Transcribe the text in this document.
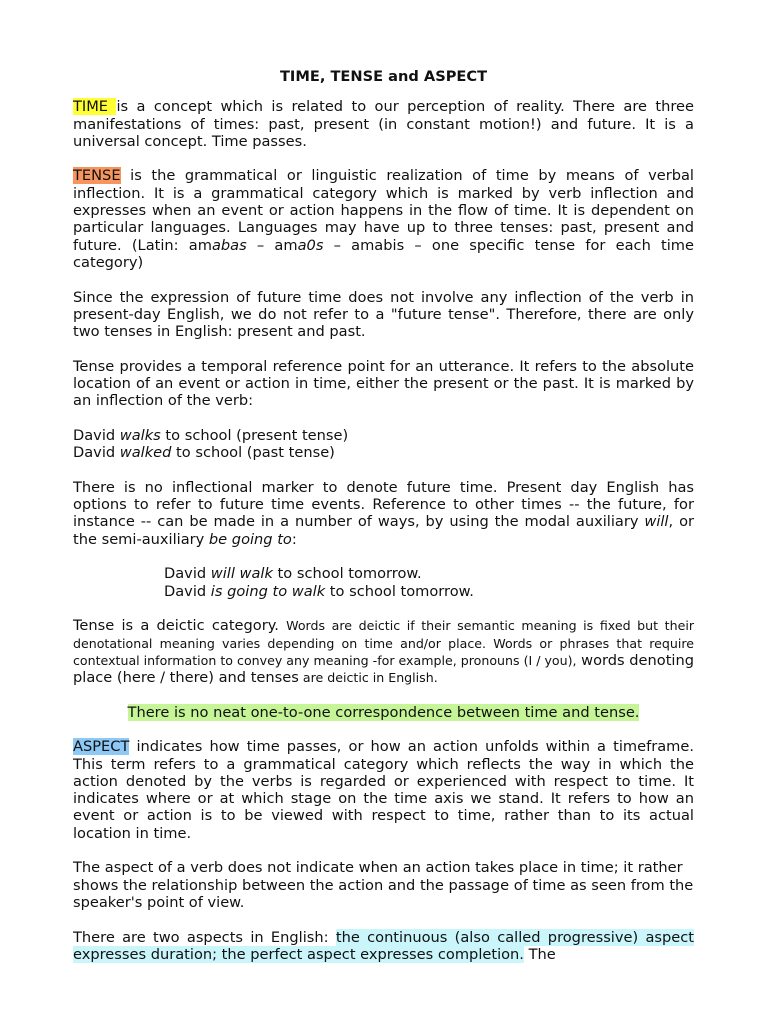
TIME, TENSE and ASPECT

TIME is a concept which is related to our perception of reality. There are three manifestations of times: past, present (in constant motion!) and future. It is a universal concept. Time passes.

TENSE is the grammatical or linguistic realization of time by means of verbal inflection. It is a grammatical category which is marked by verb inflection and expresses when an event or action happens in the flow of time. It is dependent on particular languages. Languages may have up to three tenses: past, present and future. (Latin: amabas – ama0s – amabis – one specific tense for each time category)

Since the expression of future time does not involve any inflection of the verb in present-day English, we do not refer to a "future tense". Therefore, there are only two tenses in English: present and past.

Tense provides a temporal reference point for an utterance. It refers to the absolute location of an event or action in time, either the present or the past. It is marked by an inflection of the verb:

David walks to school (present tense)
David walked to school (past tense)

There is no inflectional marker to denote future time. Present day English has options to refer to future time events. Reference to other times -- the future, for instance -- can be made in a number of ways, by using the modal auxiliary will, or the semi-auxiliary be going to:

David will walk to school tomorrow.
David is going to walk to school tomorrow.

Tense is a deictic category. Words are deictic if their semantic meaning is fixed but their denotational meaning varies depending on time and/or place. Words or phrases that require contextual information to convey any meaning -for example, pronouns (I / you), words denoting place (here / there) and tenses are deictic in English.

There is no neat one-to-one correspondence between time and tense.

ASPECT indicates how time passes, or how an action unfolds within a timeframe. This term refers to a grammatical category which reflects the way in which the action denoted by the verbs is regarded or experienced with respect to time. It indicates where or at which stage on the time axis we stand. It refers to how an event or action is to be viewed with respect to time, rather than to its actual location in time.

The aspect of a verb does not indicate when an action takes place in time; it rather shows the relationship between the action and the passage of time as seen from the speaker's point of view.

There are two aspects in English: the continuous (also called progressive) aspect expresses duration; the perfect aspect expresses completion. The
